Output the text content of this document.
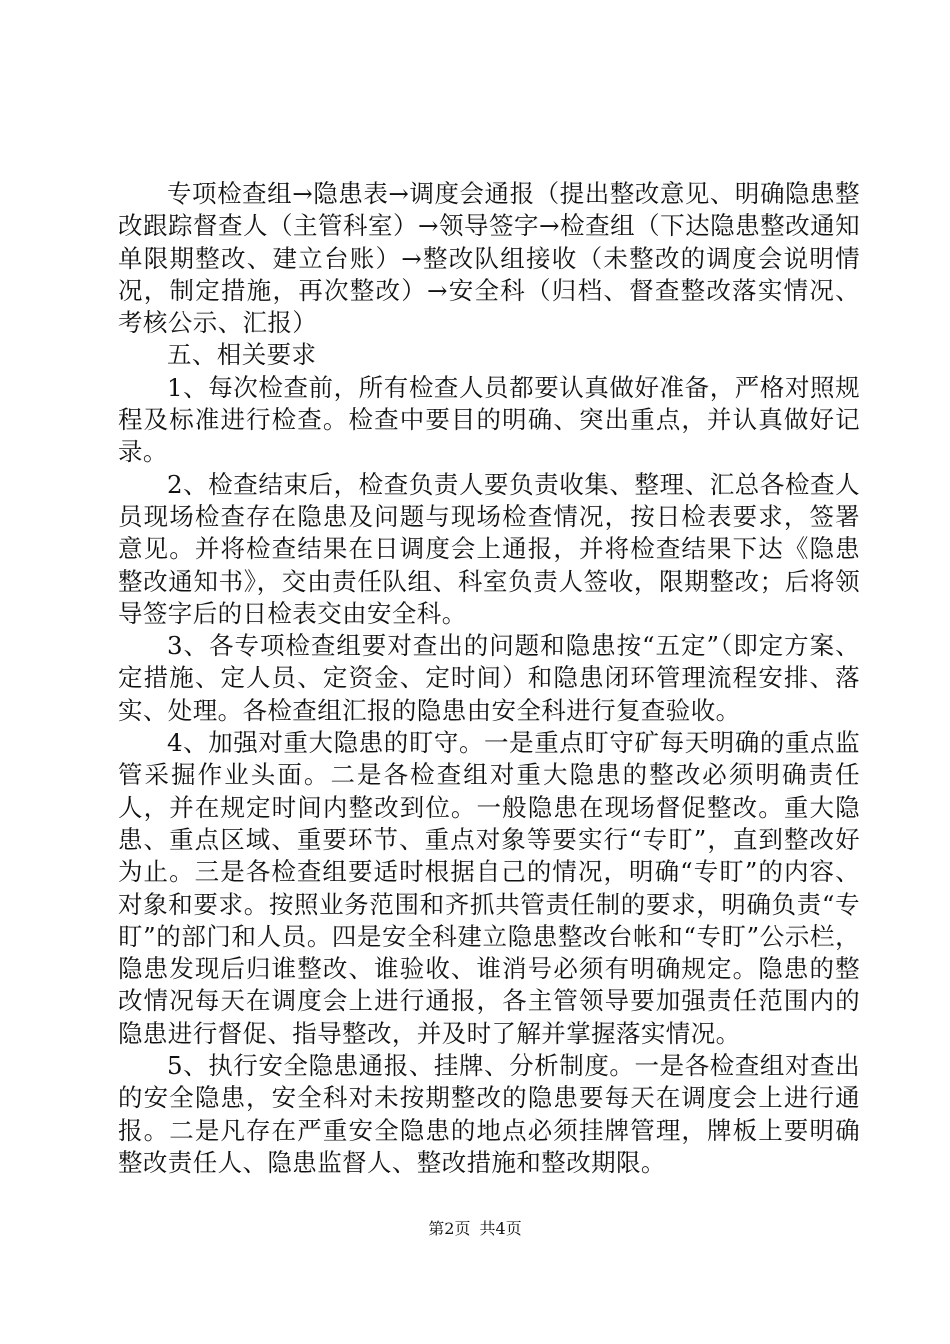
专项检查组→隐患表→调度会通报（提出整改意见、明确隐患整改跟踪督查人（主管科室）→领导签字→检查组（下达隐患整改通知单限期整改、建立台账）→整改队组接收（未整改的调度会说明情况，制定措施，再次整改）→安全科（归档、督查整改落实情况、考核公示、汇报）

五、相关要求

1、每次检查前，所有检查人员都要认真做好准备，严格对照规程及标准进行检查。检查中要目的明确、突出重点，并认真做好记录。

2、检查结束后，检查负责人要负责收集、整理、汇总各检查人员现场检查存在隐患及问题与现场检查情况，按日检表要求，签署意见。并将检查结果在日调度会上通报，并将检查结果下达《隐患整改通知书》，交由责任队组、科室负责人签收，限期整改；后将领导签字后的日检表交由安全科。

3、各专项检查组要对查出的问题和隐患按“五定”（即定方案、定措施、定人员、定资金、定时间）和隐患闭环管理流程安排、落实、处理。各检查组汇报的隐患由安全科进行复查验收。

4、加强对重大隐患的盯守。一是重点盯守矿每天明确的重点监管采掘作业头面。二是各检查组对重大隐患的整改必须明确责任人，并在规定时间内整改到位。一般隐患在现场督促整改。重大隐患、重点区域、重要环节、重点对象等要实行“专盯”，直到整改好为止。三是各检查组要适时根据自己的情况，明确“专盯”的内容、对象和要求。按照业务范围和齐抓共管责任制的要求，明确负责“专盯”的部门和人员。四是安全科建立隐患整改台帐和“专盯”公示栏，隐患发现后归谁整改、谁验收、谁消号必须有明确规定。隐患的整改情况每天在调度会上进行通报，各主管领导要加强责任范围内的隐患进行督促、指导整改，并及时了解并掌握落实情况。

5、执行安全隐患通报、挂牌、分析制度。一是各检查组对查出的安全隐患，安全科对未按期整改的隐患要每天在调度会上进行通报。二是凡存在严重安全隐患的地点必须挂牌管理，牌板上要明确整改责任人、隐患监督人、整改措施和整改期限。

第2页 共4页
